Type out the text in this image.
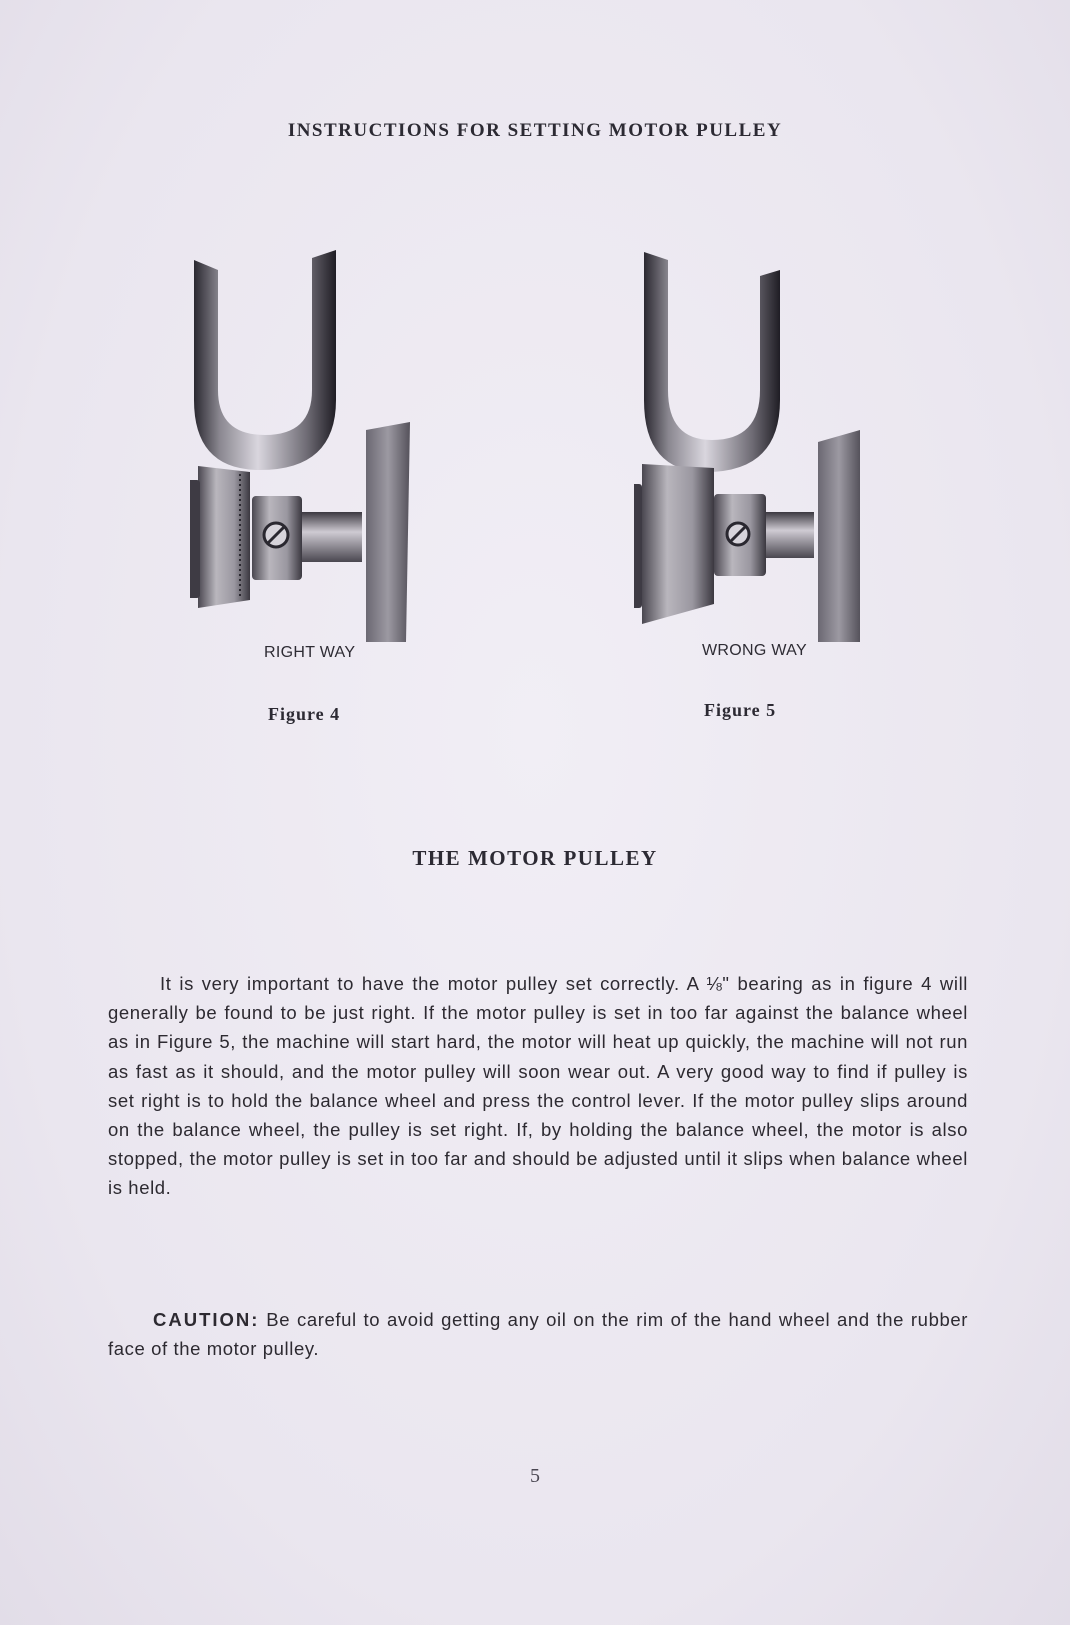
INSTRUCTIONS FOR SETTING MOTOR PULLEY
RIGHT WAY
Figure 4
WRONG WAY
Figure 5
THE MOTOR PULLEY
It is very important to have the motor pulley set correctly. A ⅛" bearing as in figure 4 will generally be found to be just right. If the motor pulley is set in too far against the balance wheel as in Figure 5, the machine will start hard, the motor will heat up quickly, the machine will not run as fast as it should, and the motor pulley will soon wear out. A very good way to find if pulley is set right is to hold the balance wheel and press the control lever. If the motor pulley slips around on the balance wheel, the pulley is set right. If, by holding the balance wheel, the motor is also stopped, the motor pulley is set in too far and should be adjusted until it slips when balance wheel is held.
CAUTION: Be careful to avoid getting any oil on the rim of the hand wheel and the rubber face of the motor pulley.
5
